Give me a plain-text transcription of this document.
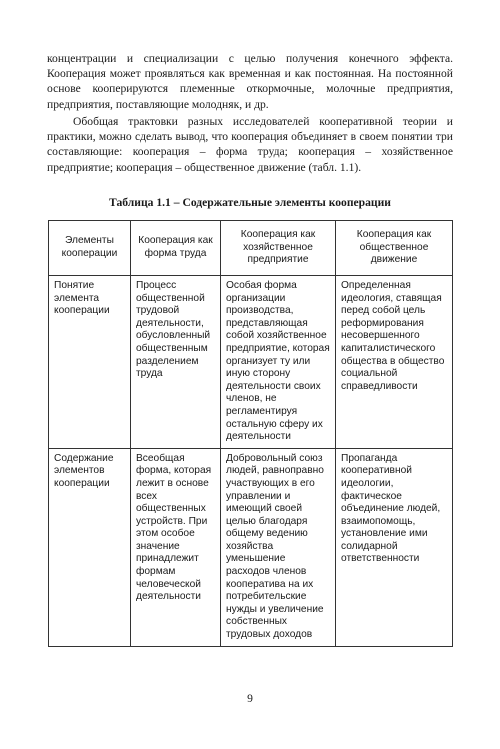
концентрации и специализации с целью получения конечного эффекта. Кооперация может проявляться как временная и как постоянная. На постоянной основе кооперируются племенные откормочные, молочные предприятия, предприятия, поставляющие молодняк, и др.

Обобщая трактовки разных исследователей кооперативной теории и практики, можно сделать вывод, что кооперация объединяет в своем понятии три составляющие: кооперация – форма труда; кооперация – хозяйственное предприятие; кооперация – общественное движение (табл. 1.1).

Таблица 1.1 – Содержательные элементы кооперации

Элементы кооперации	Кооперация как форма труда	Кооперация как хозяйственное предприятие	Кооперация как общественное движение
Понятие элемента кооперации	Процесс общественной трудовой деятельности, обусловленный общественным разделением труда	Особая форма организации производства, представляющая собой хозяйственное предприятие, которая организует ту или иную сторону деятельности своих членов, не регламентируя остальную сферу их деятельности	Определенная идеология, ставящая перед собой цель реформирования несовершенного капиталистического общества в общество социальной справедливости
Содержание элементов кооперации	Всеобщая форма, которая лежит в основе всех общественных устройств. При этом особое значение принадлежит формам человеческой деятельности	Добровольный союз людей, равноправно участвующих в его управлении и имеющий своей целью благодаря общему ведению хозяйства уменьшение расходов членов кооператива на их потребительские нужды и увеличение собственных трудовых доходов	Пропаганда кооперативной идеологии, фактическое объединение людей, взаимопомощь, установление ими солидарной ответственности
9
